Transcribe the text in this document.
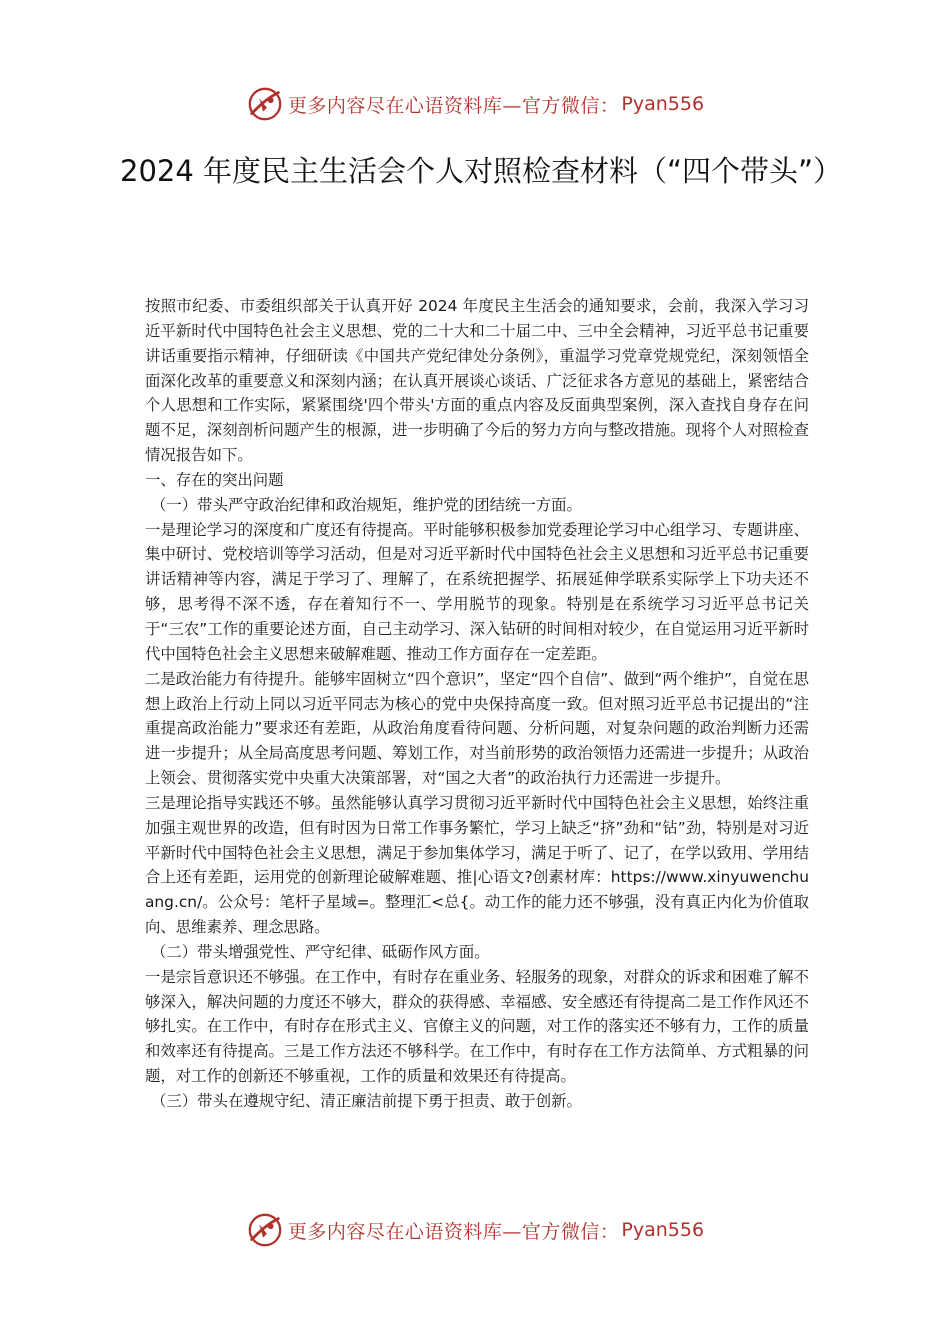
更多内容尽在心语资料库—官方微信： Pyan556
2024 年度民主生活会个人对照检查材料（“四个带头”）

按照市纪委、市委组织部关于认真开好 2024 年度民主生活会的通知要求，会前，我深入学习习近平新时代中国特色社会主义思想、党的二十大和二十届二中、三中全会精神，习近平总书记重要讲话重要指示精神，仔细研读《中国共产党纪律处分条例》，重温学习党章党规党纪，深刻领悟全面深化改革的重要意义和深刻内涵；在认真开展谈心谈话、广泛征求各方意见的基础上，紧密结合个人思想和工作实际，紧紧围绕'四个带头'方面的重点内容及反面典型案例，深入查找自身存在问题不足，深刻剖析问题产生的根源，进一步明确了今后的努力方向与整改措施。现将个人对照检查情况报告如下。

一、存在的突出问题

（一）带头严守政治纪律和政治规矩，维护党的团结统一方面。

一是理论学习的深度和广度还有待提高。平时能够积极参加党委理论学习中心组学习、专题讲座、集中研讨、党校培训等学习活动，但是对习近平新时代中国特色社会主义思想和习近平总书记重要讲话精神等内容，满足于学习了、理解了，在系统把握学、拓展延伸学联系实际学上下功夫还不够，思考得不深不透，存在着知行不一、学用脱节的现象。特别是在系统学习习近平总书记关于“三农”工作的重要论述方面，自己主动学习、深入钻研的时间相对较少，在自觉运用习近平新时代中国特色社会主义思想来破解难题、推动工作方面存在一定差距。

二是政治能力有待提升。能够牢固树立“四个意识”，坚定“四个自信”、做到“两个维护”，自觉在思想上政治上行动上同以习近平同志为核心的党中央保持高度一致。但对照习近平总书记提出的“注重提高政治能力”要求还有差距，从政治角度看待问题、分析问题，对复杂问题的政治判断力还需进一步提升；从全局高度思考问题、筹划工作，对当前形势的政治领悟力还需进一步提升；从政治上领会、贯彻落实党中央重大决策部署，对“国之大者”的政治执行力还需进一步提升。

三是理论指导实践还不够。虽然能够认真学习贯彻习近平新时代中国特色社会主义思想，始终注重加强主观世界的改造，但有时因为日常工作事务繁忙，学习上缺乏“挤”劲和“钻”劲，特别是对习近平新时代中国特色社会主义思想，满足于参加集体学习，满足于听了、记了，在学以致用、学用结合上还有差距，运用党的创新理论破解难题、推|心语文?创素材库：https://www.xinyuwenchuang.cn/。公众号：笔杆子星域=。整理汇<总{。动工作的能力还不够强，没有真正内化为价值取向、思维素养、理念思路。

（二）带头增强党性、严守纪律、砥砺作风方面。

一是宗旨意识还不够强。在工作中，有时存在重业务、轻服务的现象，对群众的诉求和困难了解不够深入，解决问题的力度还不够大，群众的获得感、幸福感、安全感还有待提高二是工作作风还不够扎实。在工作中，有时存在形式主义、官僚主义的问题，对工作的落实还不够有力，工作的质量和效率还有待提高。三是工作方法还不够科学。在工作中，有时存在工作方法简单、方式粗暴的问题，对工作的创新还不够重视，工作的质量和效果还有待提高。

（三）带头在遵规守纪、清正廉洁前提下勇于担责、敢于创新。

更多内容尽在心语资料库—官方微信： Pyan556
